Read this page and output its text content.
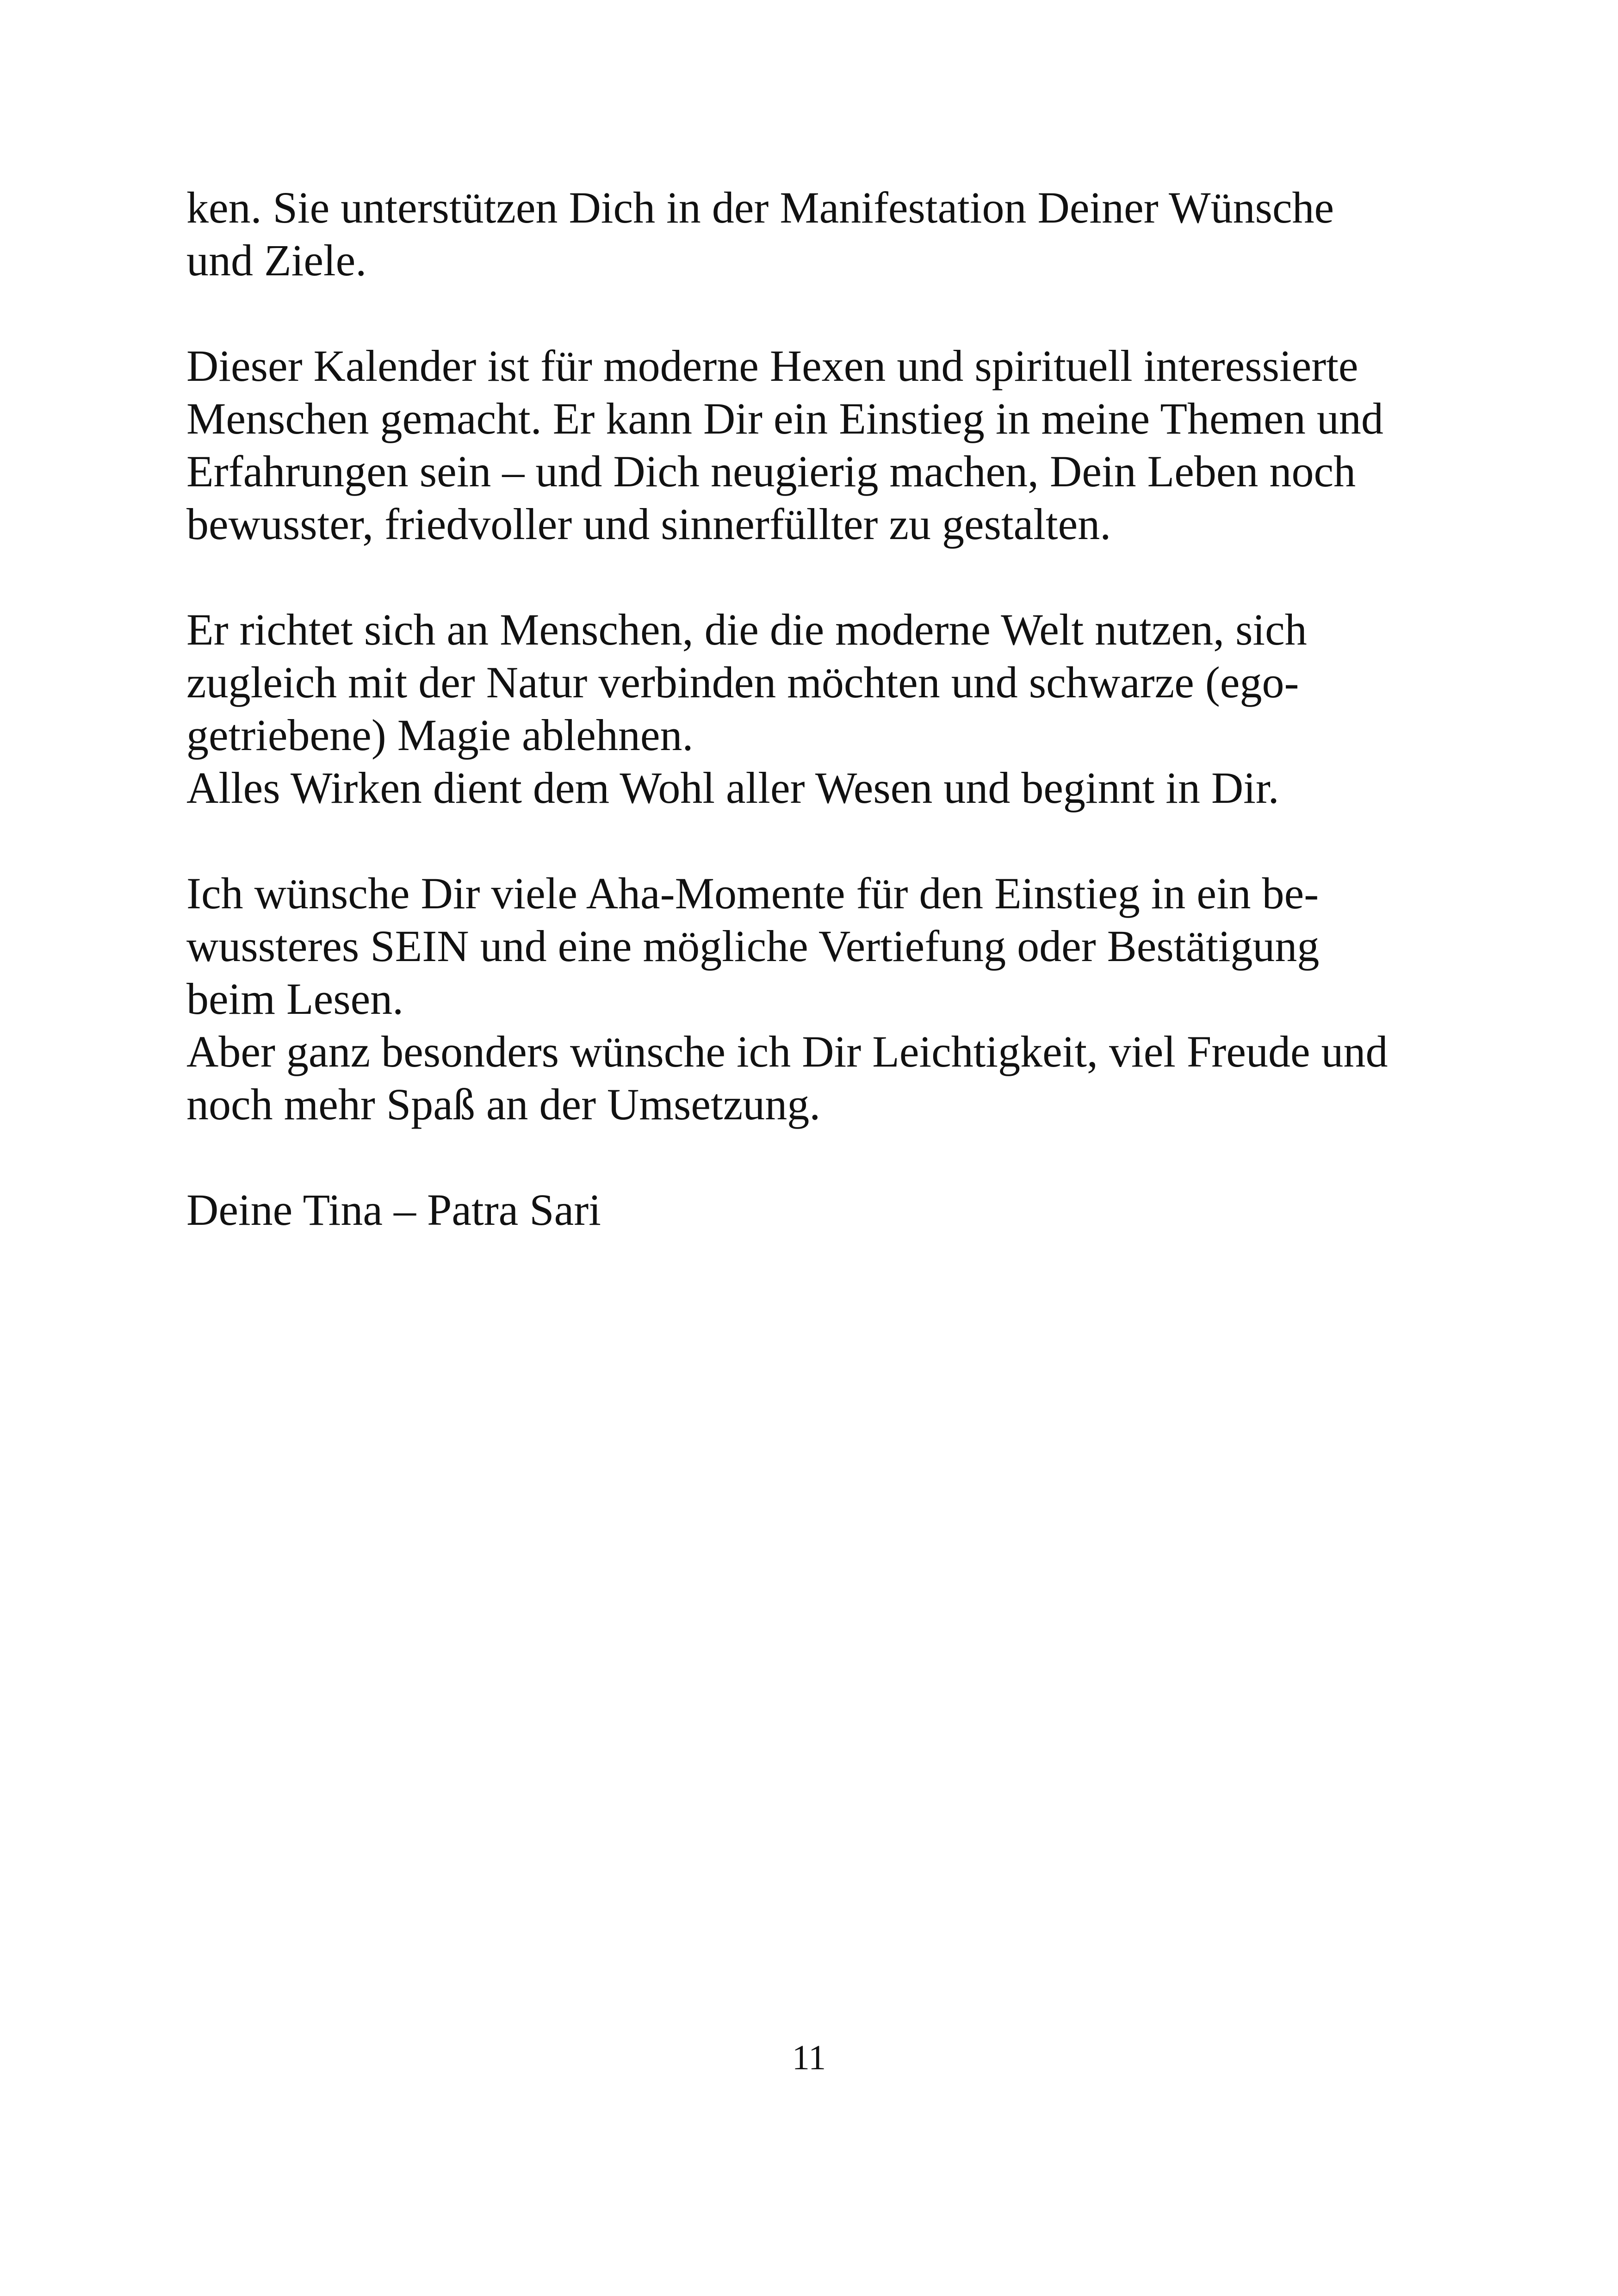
ken. Sie unterstützen Dich in der Manifestation Deiner Wünsche
und Ziele.
Dieser Kalender ist für moderne Hexen und spirituell interessierte
Menschen gemacht. Er kann Dir ein Einstieg in meine Themen und
Erfahrungen sein – und Dich neugierig machen, Dein Leben noch
bewusster, friedvoller und sinnerfüllter zu gestalten.
Er richtet sich an Menschen, die die moderne Welt nutzen, sich
zugleich mit der Natur verbinden möchten und schwarze (ego-
getriebene) Magie ablehnen.
Alles Wirken dient dem Wohl aller Wesen und beginnt in Dir.
Ich wünsche Dir viele Aha-Momente für den Einstieg in ein be-
wussteres SEIN und eine mögliche Vertiefung oder Bestätigung
beim Lesen.
Aber ganz besonders wünsche ich Dir Leichtigkeit, viel Freude und
noch mehr Spaß an der Umsetzung.
Deine Tina – Patra Sari
11
